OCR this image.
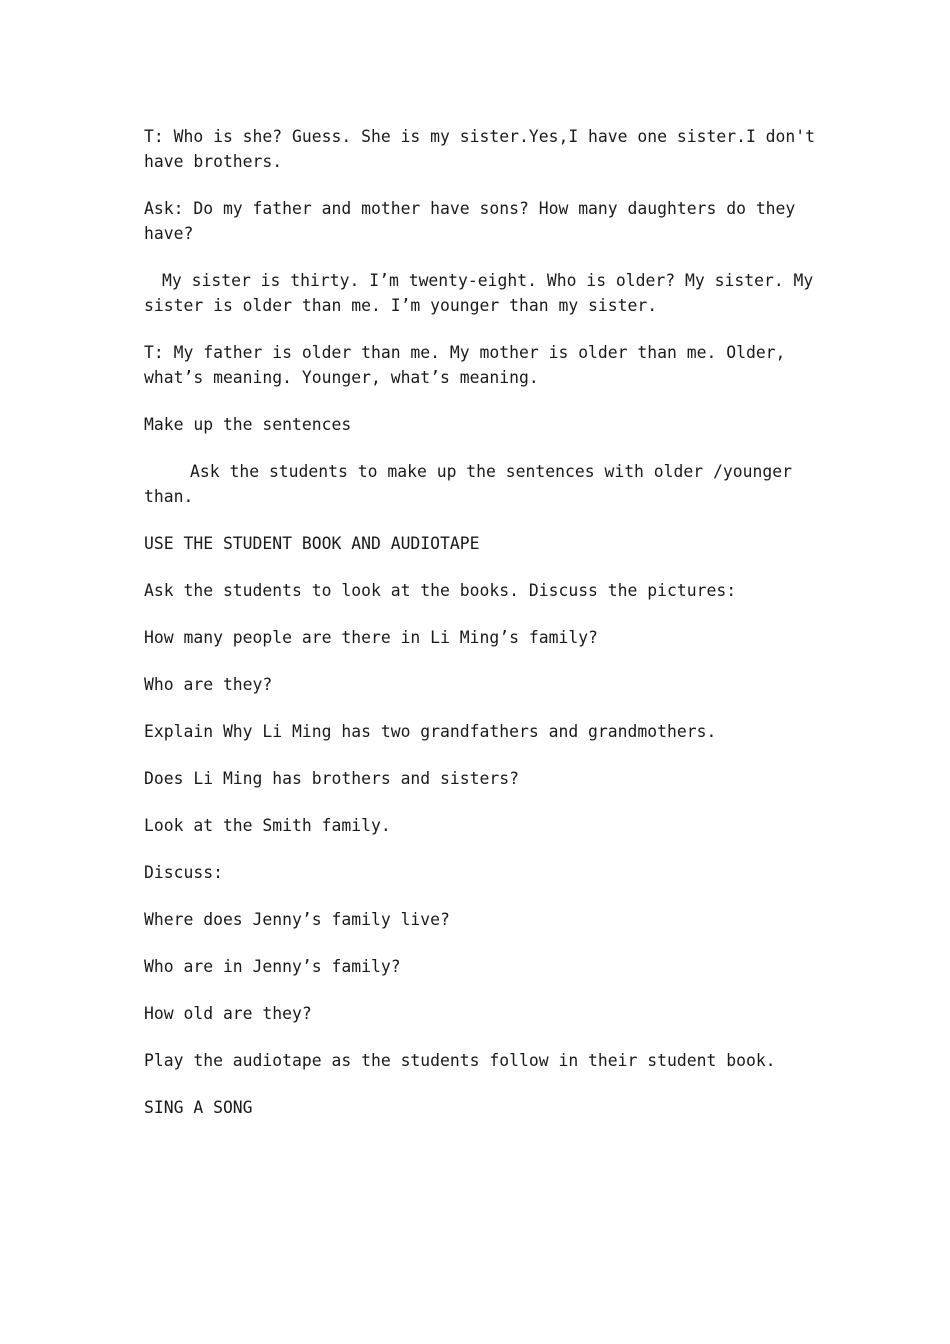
T: Who is she? Guess. She is my sister.Yes,I have one sister.I don't have brothers.

Ask: Do my father and mother have sons? How many daughters do they have?

My sister is thirty. I’m twenty-eight. Who is older? My sister. My sister is older than me. I’m younger than my sister.

T: My father is older than me. My mother is older than me. Older, what’s meaning. Younger, what’s meaning.

Make up the sentences

Ask the students to make up the sentences with older /younger than.

USE THE STUDENT BOOK AND AUDIOTAPE

Ask the students to look at the books. Discuss the pictures:

How many people are there in Li Ming’s family?

Who are they?

Explain Why Li Ming has two grandfathers and grandmothers.

Does Li Ming has brothers and sisters?

Look at the Smith family.

Discuss:

Where does Jenny’s family live?

Who are in Jenny’s family?

How old are they?

Play the audiotape as the students follow in their student book.

SING A SONG
